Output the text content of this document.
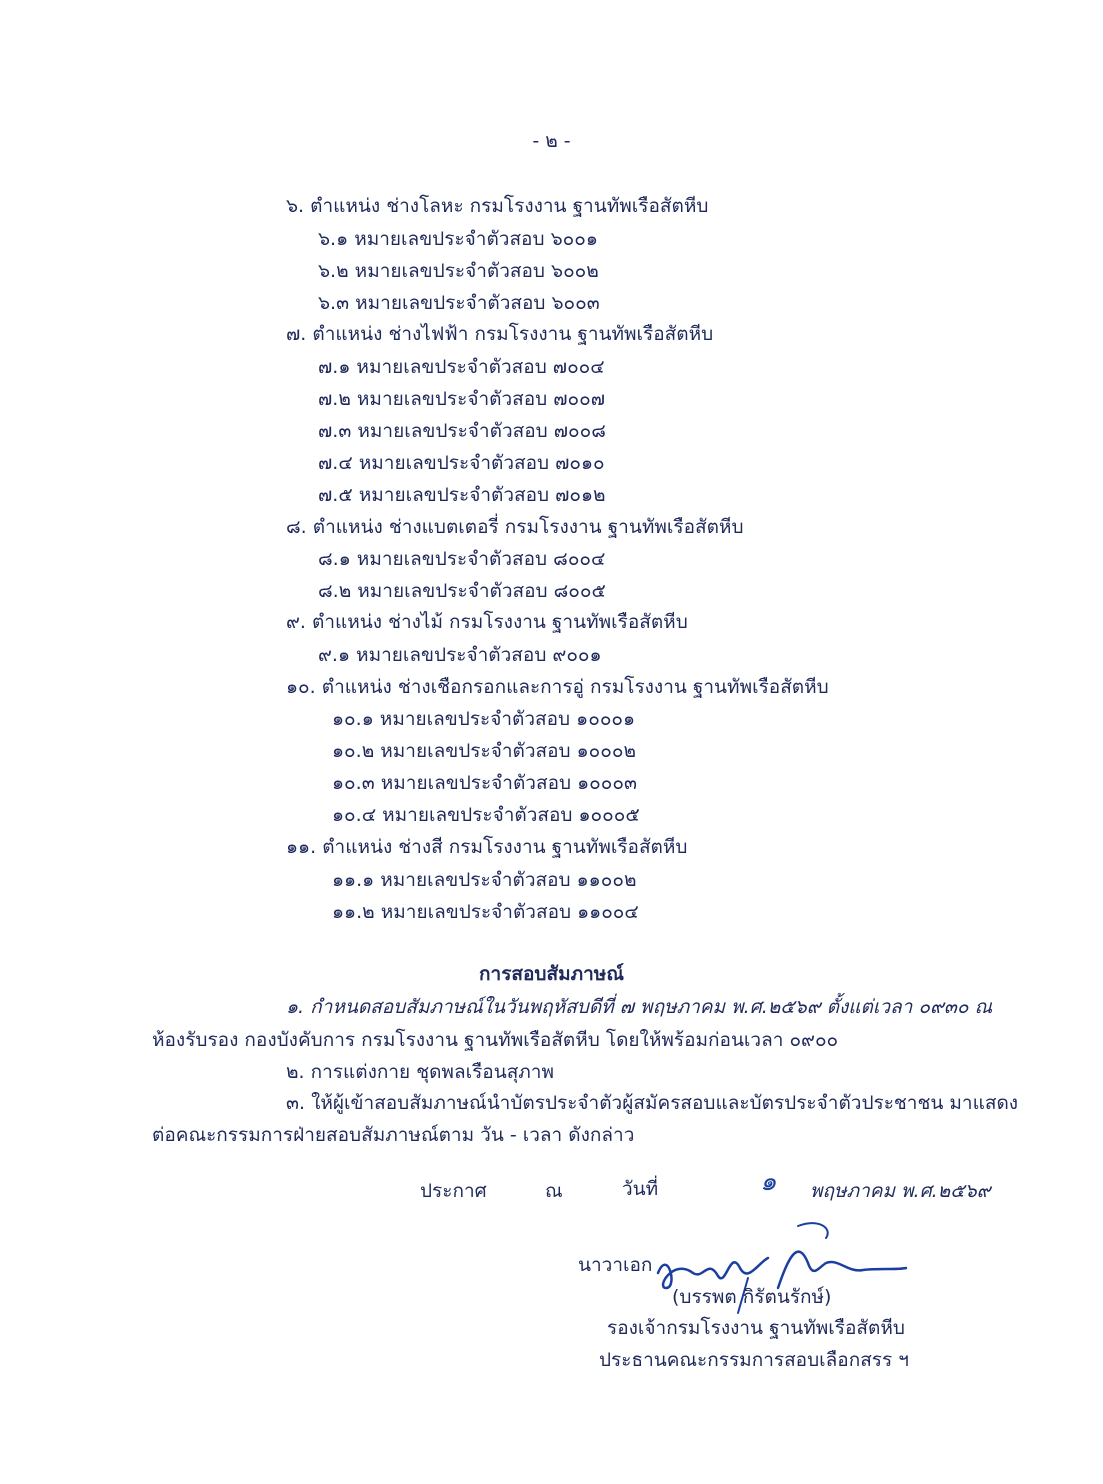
- ๒ -
๖. ตำแหน่ง ช่างโลหะ กรมโรงงาน ฐานทัพเรือสัตหีบ
๖.๑ หมายเลขประจำตัวสอบ ๖๐๐๑
๖.๒ หมายเลขประจำตัวสอบ ๖๐๐๒
๖.๓ หมายเลขประจำตัวสอบ ๖๐๐๓
๗. ตำแหน่ง ช่างไฟฟ้า กรมโรงงาน ฐานทัพเรือสัตหีบ
๗.๑ หมายเลขประจำตัวสอบ ๗๐๐๔
๗.๒ หมายเลขประจำตัวสอบ ๗๐๐๗
๗.๓ หมายเลขประจำตัวสอบ ๗๐๐๘
๗.๔ หมายเลขประจำตัวสอบ ๗๐๑๐
๗.๕ หมายเลขประจำตัวสอบ ๗๐๑๒
๘. ตำแหน่ง ช่างแบตเตอรี่ กรมโรงงาน ฐานทัพเรือสัตหีบ
๘.๑ หมายเลขประจำตัวสอบ ๘๐๐๔
๘.๒ หมายเลขประจำตัวสอบ ๘๐๐๕
๙. ตำแหน่ง ช่างไม้ กรมโรงงาน ฐานทัพเรือสัตหีบ
๙.๑ หมายเลขประจำตัวสอบ ๙๐๐๑
๑๐. ตำแหน่ง ช่างเชือกรอกและการอู่ กรมโรงงาน ฐานทัพเรือสัตหีบ
๑๐.๑ หมายเลขประจำตัวสอบ ๑๐๐๐๑
๑๐.๒ หมายเลขประจำตัวสอบ ๑๐๐๐๒
๑๐.๓ หมายเลขประจำตัวสอบ ๑๐๐๐๓
๑๐.๔ หมายเลขประจำตัวสอบ ๑๐๐๐๕
๑๑. ตำแหน่ง ช่างสี กรมโรงงาน ฐานทัพเรือสัตหีบ
๑๑.๑ หมายเลขประจำตัวสอบ ๑๑๐๐๒
๑๑.๒ หมายเลขประจำตัวสอบ ๑๑๐๐๔
การสอบสัมภาษณ์
๑. กำหนดสอบสัมภาษณ์ในวันพฤหัสบดีที่ ๗ พฤษภาคม พ.ศ.๒๕๖๙ ตั้งแต่เวลา ๐๙๓๐ ณ
ห้องรับรอง กองบังคับการ กรมโรงงาน ฐานทัพเรือสัตหีบ โดยให้พร้อมก่อนเวลา ๐๙๐๐
๒. การแต่งกาย ชุดพลเรือนสุภาพ
๓. ให้ผู้เข้าสอบสัมภาษณ์นำบัตรประจำตัวผู้สมัครสอบและบัตรประจำตัวประชาชน มาแสดง
ต่อคณะกรรมการฝ่ายสอบสัมภาษณ์ตาม วัน - เวลา ดังกล่าว
ประกาศ	ณ	วันที่	๑ พฤษภาคม พ.ศ.๒๕๖๙
นาวาเอก
(บรรพต กิรัตนรักษ์)
รองเจ้ากรมโรงงาน ฐานทัพเรือสัตหีบ
ประธานคณะกรรมการสอบเลือกสรร ฯ
